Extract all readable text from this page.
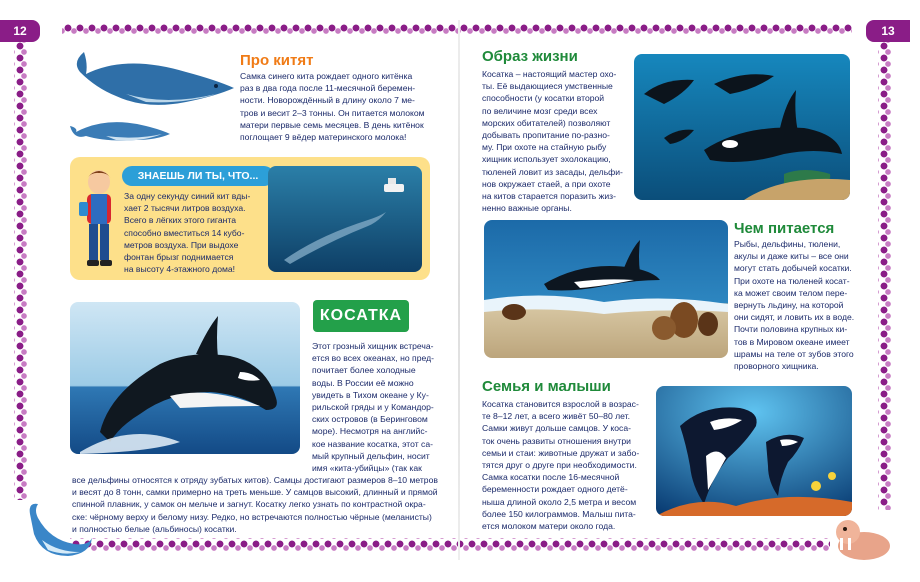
12	13
Про китят
Самка синего кита рождает одного китёнка
раз в два года после 11-месячной беремен-
ности. Новорождённый в длину около 7 ме-
тров и весит 2–3 тонны. Он питается молоком
матери первые семь месяцев. В день китёнок
поглощает 9 вёдер материнского молока!
ЗНАЕШЬ ЛИ ТЫ, ЧТО...
За одну секунду синий кит вды-
хает 2 тысячи литров воздуха.
Всего в лёгких этого гиганта
способно вместиться 14 кубо-
метров воздуха. При выдохе
фонтан брызг поднимается
на высоту 4-этажного дома!
КОСАТКА
Этот грозный хищник встреча-
ется во всех океанах, но пред-
почитает более холодные
воды. В России её можно
увидеть в Тихом океане у Ку-
рильской гряды и у Командор-
ских островов (в Беринговом
море). Несмотря на английс-
кое название косатка, этот са-
мый крупный дельфин, носит
имя «кита-убийцы» (так как
все дельфины относятся к отряду зубатых китов). Самцы достигают размеров 8–10 метров
и весят до 8 тонн, самки примерно на треть меньше. У самцов высокий, длинный и прямой
спинной плавник, у самок он мельче и загнут. Косатку легко узнать по контрастной окра-
ске: чёрному верху и белому низу. Редко, но встречаются полностью чёрные (меланисты)
и полностью белые (альбиносы) косатки.
Образ жизни
Косатка – настоящий мастер охо-
ты. Её выдающиеся умственные
способности (у косатки второй
по величине мозг среди всех
морских обитателей) позволяют
добывать пропитание по-разно-
му. При охоте на стайную рыбу
хищник использует эхолокацию,
тюленей ловит из засады, дельфи-
нов окружает стаей, а при охоте
на китов старается поразить жиз-
ненно важные органы.
Чем питается
Рыбы, дельфины, тюлени,
акулы и даже киты – все они
могут стать добычей косатки.
При охоте на тюленей косат-
ка может своим телом пере-
вернуть льдину, на которой
они сидят, и ловить их в воде.
Почти половина крупных ки-
тов в Мировом океане имеет
шрамы на теле от зубов этого
проворного хищника.
Семья и малыши
Косатка становится взрослой в возрас-
те 8–12 лет, а всего живёт 50–80 лет.
Самки живут дольше самцов. У коса-
ток очень развиты отношения внутри
семьи и стаи: животные дружат и забо-
тятся друг о друге при необходимости.
Самка косатки после 16-месячной
беременности рождает одного детё-
ныша длиной около 2,5 метра и весом
более 150 килограммов. Малыш пита-
ется молоком матери около года.
